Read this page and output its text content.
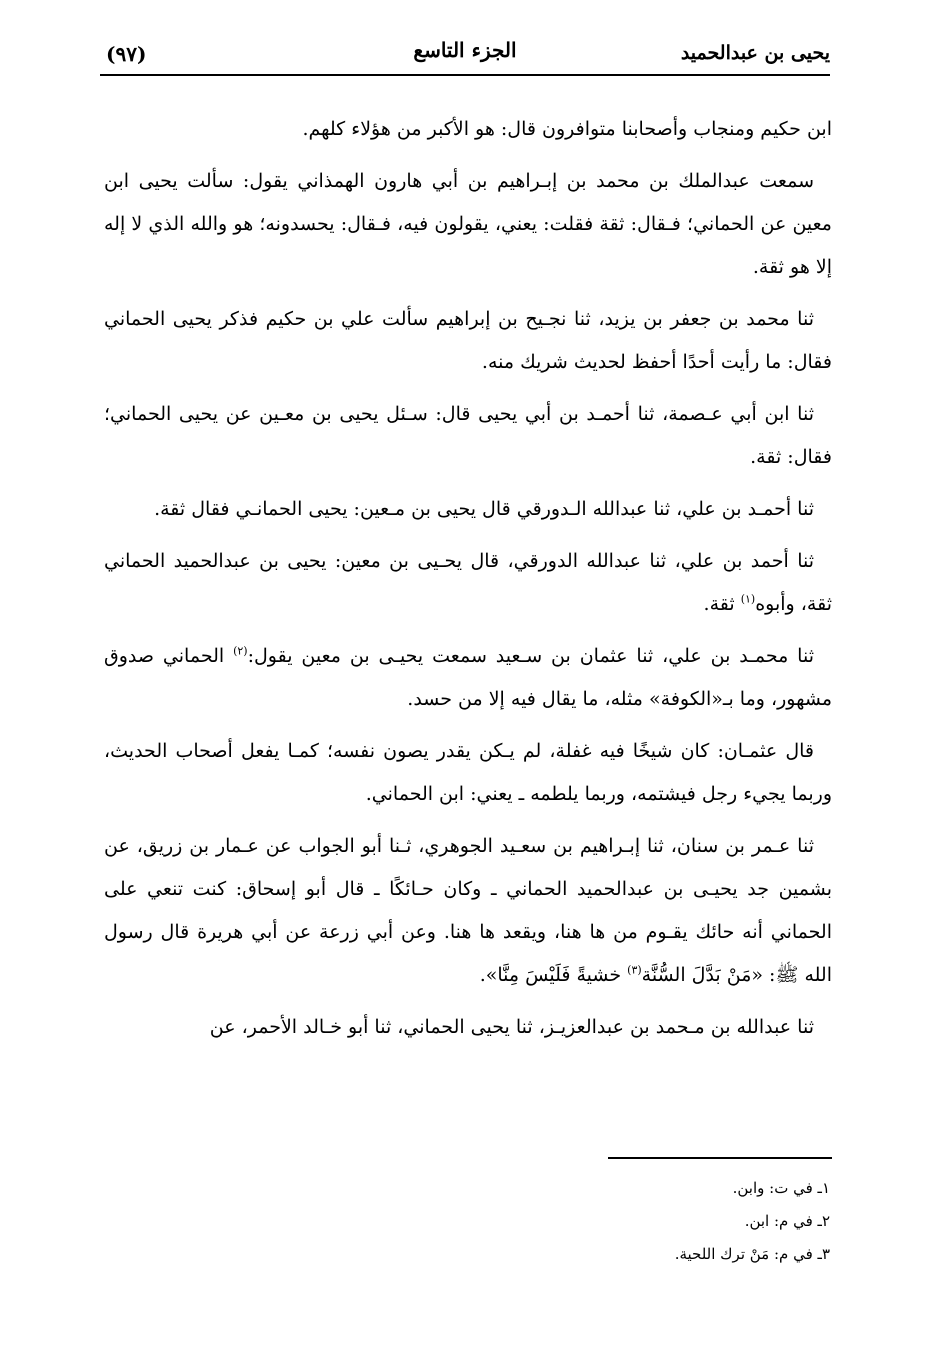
يحيى بن عبدالحميد
الجزء التاسع
(٩٧)

ابن حكيم ومنجاب وأصحابنا متوافرون قال: هو الأكبر من هؤلاء كلهم.

سمعت عبدالملك بن محمد بن إبـراهيم بن أبي هارون الهمذاني يقول: سألت يحيى ابن معين عن الحماني؛ فـقال: ثقة فقلت: يعني، يقولون فيه، فـقال: يحسدونه؛ هو والله الذي لا إله إلا هو ثقة.

ثنا محمد بن جعفر بن يزيد، ثنا نجـيح بن إبراهيم سألت علي بن حكيم فذكر يحيى الحماني فقال: ما رأيت أحدًا أحفظ لحديث شريك منه.

ثنا ابن أبي عـصمة، ثنا أحمـد بن أبي يحيى قال: سـئل يحيى بن معـين عن يحيى الحماني؛ فقال: ثقة.

ثنا أحمـد بن علي، ثنا عبدالله الـدورقي قال يحيى بن مـعين: يحيى الحمانـي فقال ثقة.

ثنا أحمد بن علي، ثنا عبدالله الدورقي، قال يحـيى بن معين: يحيى بن عبدالحميد الحماني ثقة، وأبوه$^{(١)}$ ثقة.

ثنا محمـد بن علي، ثنا عثمان بن سـعيد سمعت يحيـى بن معين يقول:$^{(٢)}$ الحماني صدوق مشهور، وما بـ«الكوفة» مثله، ما يقال فيه إلا من حسد.

قال عثمـان: كان شيخًا فيه غفلة، لم يـكن يقدر يصون نفسه؛ كمـا يفعل أصحاب الحديث، وربما يجيء رجل فيشتمه، وربما يلطمه ـ يعني: ابن الحماني.

ثنا عـمر بن سنان، ثنا إبـراهيم بن سعـيد الجوهري، ثـنا أبو الجواب عن عـمار بن زريق، عن بشمين جد يحيـى بن عبدالحميد الحماني ـ وكان حـائكًا ـ قال أبو إسحاق: كنت تنعي على الحماني أنه حائك يقـوم من ها هنا، ويقعد ها هنا. وعن أبي زرعة عن أبي هريرة قال رسول الله ﷺ: «مَنْ بَدَّلَ السُّنَّة$^{(٣)}$ خشيةً فَلَيْسَ مِنَّا».

ثنا عبدالله بن مـحمد بن عبدالعزيـز، ثنا يحيى الحماني، ثنا أبو خـالد الأحمر، عن

١ـ في ت: وابن.
٢ـ في م: ابن.
٣ـ في م: مَنْ ترك اللحية.
